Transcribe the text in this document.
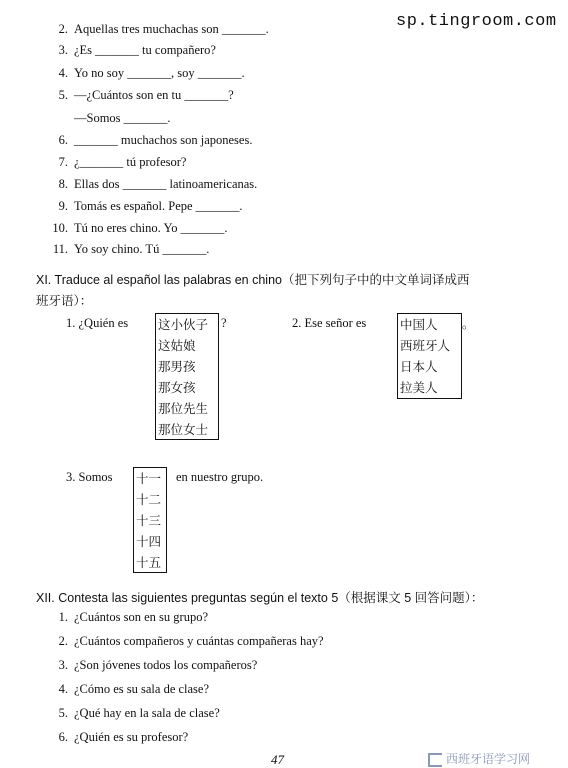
sp.tingroom.com
2. Aquellas tres muchachas son _______.
3. ¿Es _______ tu compañero?
4. Yo no soy _______, soy _______.
5. —¿Cuántos son en tu _______?
—Somos _______.
6. _______ muchachos son japoneses.
7. ¿_______ tú profesor?
8. Ellas dos _______ latinoamericanas.
9. Tomás es español. Pepe _______.
10. Tú no eres chino. Yo _______.
11. Yo soy chino. Tú _______.
XI. Traduce al español las palabras en chino（把下列句子中的中文单词译成西
班牙语）：
1. ¿Quién es 这小伙子
这姑娘
那男孩
那女孩
那位先生
那位女士
?	2. Ese señor es	中国人
西班牙人
日本人
拉美人
。
3. Somos 十一
十二
十三
十四
十五
en nuestro grupo.
XII. Contesta las siguientes preguntas según el texto 5（根据课文 5 回答问题）：
1. ¿Cuántos son en su grupo?
2. ¿Cuántos compañeros y cuántas compañeras hay?
3. ¿Son jóvenes todos los compañeros?
4. ¿Cómo es su sala de clase?
5. ¿Qué hay en la sala de clase?
6. ¿Quién es su profesor?
47	西班牙语学习网
